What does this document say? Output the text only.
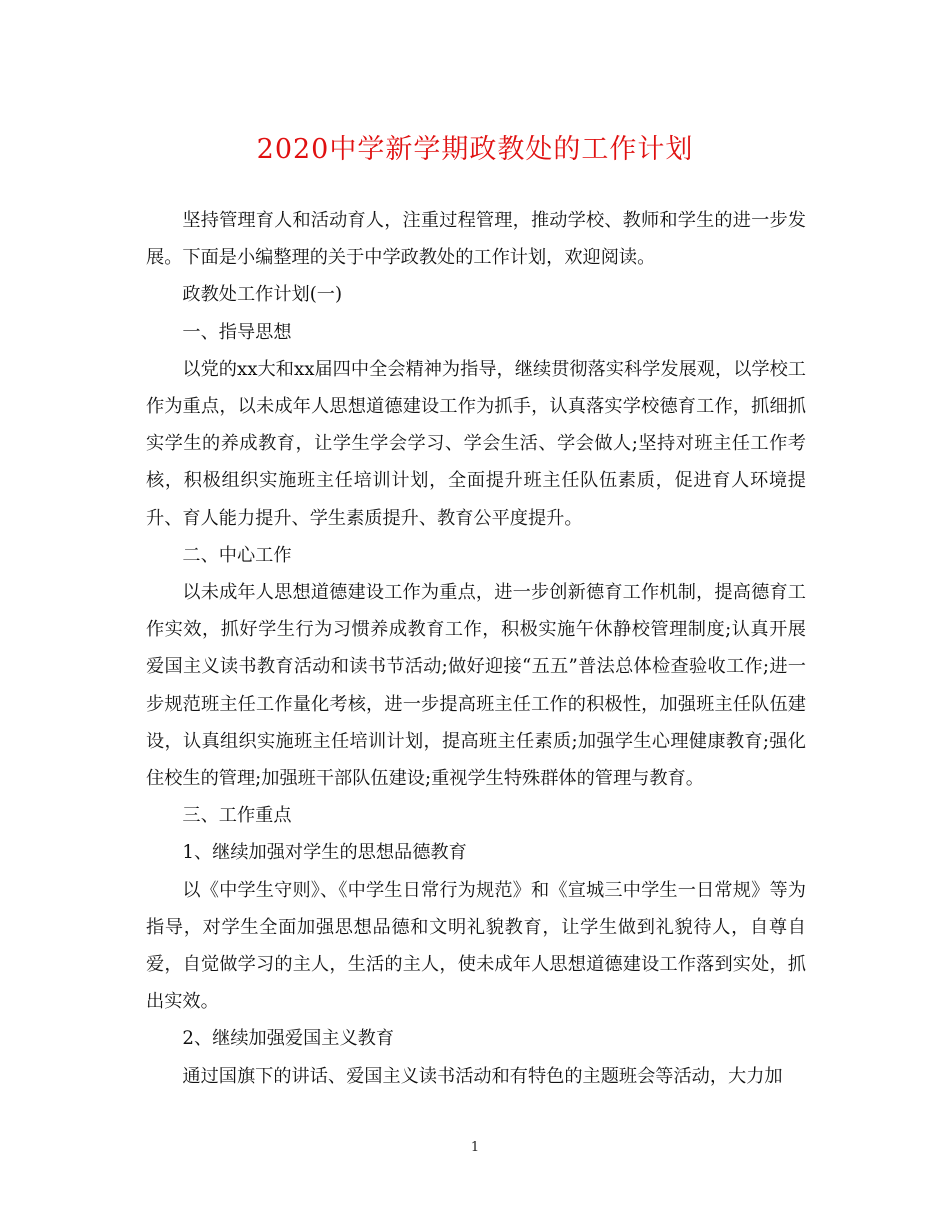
2020中学新学期政教处的工作计划

坚持管理育人和活动育人，注重过程管理，推动学校、教师和学生的进一步发展。下面是小编整理的关于中学政教处的工作计划，欢迎阅读。

政教处工作计划(一)

一、指导思想

以党的xx大和xx届四中全会精神为指导，继续贯彻落实科学发展观，以学校工作为重点，以未成年人思想道德建设工作为抓手，认真落实学校德育工作，抓细抓实学生的养成教育，让学生学会学习、学会生活、学会做人;坚持对班主任工作考核，积极组织实施班主任培训计划，全面提升班主任队伍素质，促进育人环境提升、育人能力提升、学生素质提升、教育公平度提升。

二、中心工作

以未成年人思想道德建设工作为重点，进一步创新德育工作机制，提高德育工作实效，抓好学生行为习惯养成教育工作，积极实施午休静校管理制度;认真开展爱国主义读书教育活动和读书节活动;做好迎接“五五”普法总体检查验收工作;进一步规范班主任工作量化考核，进一步提高班主任工作的积极性，加强班主任队伍建设，认真组织实施班主任培训计划，提高班主任素质;加强学生心理健康教育;强化住校生的管理;加强班干部队伍建设;重视学生特殊群体的管理与教育。

三、工作重点

1、继续加强对学生的思想品德教育

以《中学生守则》、《中学生日常行为规范》和《宣城三中学生一日常规》等为指导，对学生全面加强思想品德和文明礼貌教育，让学生做到礼貌待人，自尊自爱，自觉做学习的主人，生活的主人，使未成年人思想道德建设工作落到实处，抓出实效。

2、继续加强爱国主义教育

通过国旗下的讲话、爱国主义读书活动和有特色的主题班会等活动，大力加

1
